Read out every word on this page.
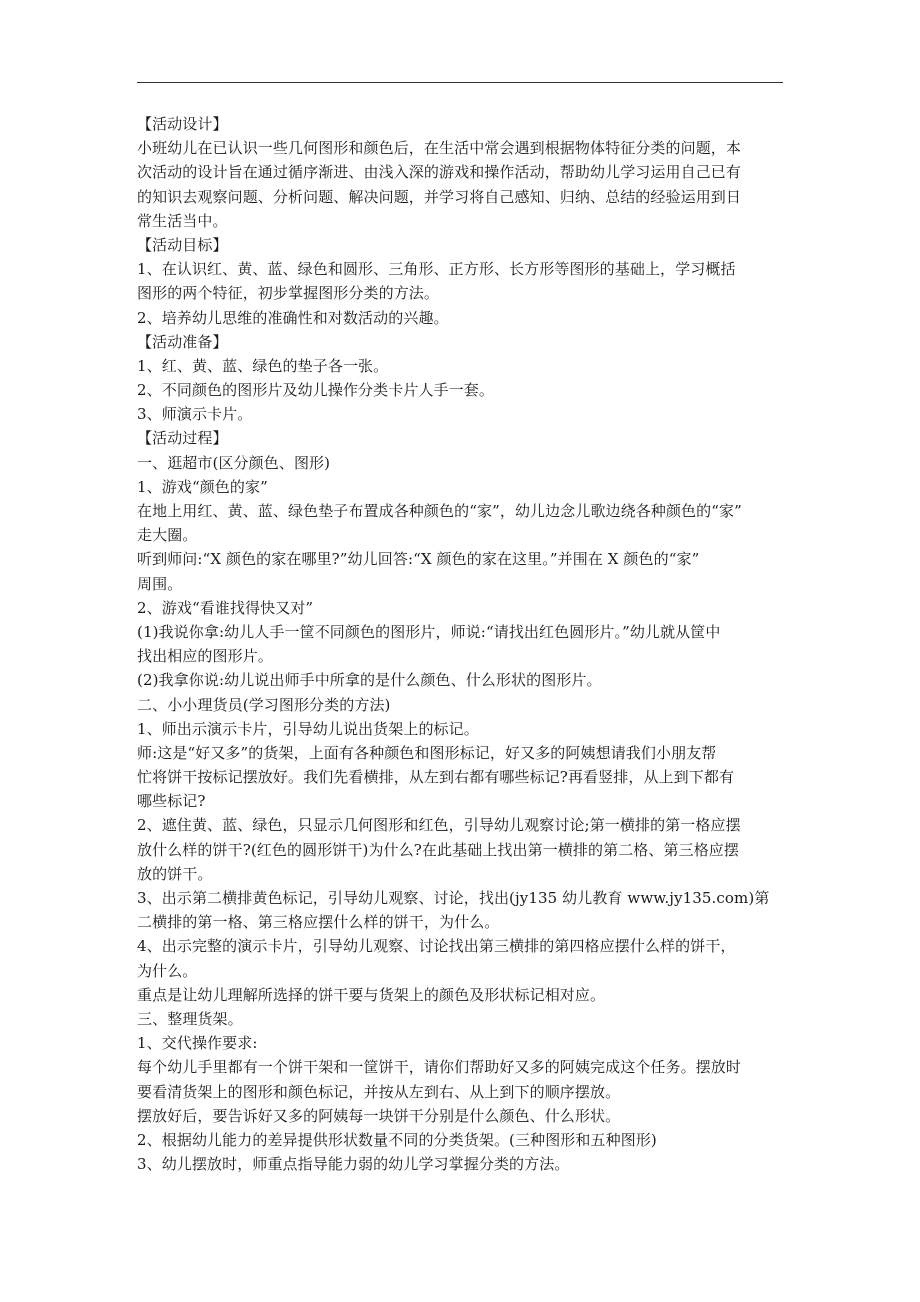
【活动设计】
小班幼儿在已认识一些几何图形和颜色后，在生活中常会遇到根据物体特征分类的问题，本
次活动的设计旨在通过循序渐进、由浅入深的游戏和操作活动，帮助幼儿学习运用自己已有
的知识去观察问题、分析问题、解决问题，并学习将自己感知、归纳、总结的经验运用到日
常生活当中。
【活动目标】
1、在认识红、黄、蓝、绿色和圆形、三角形、正方形、长方形等图形的基础上，学习概括
图形的两个特征，初步掌握图形分类的方法。
2、培养幼儿思维的准确性和对数活动的兴趣。
【活动准备】
1、红、黄、蓝、绿色的垫子各一张。
2、不同颜色的图形片及幼儿操作分类卡片人手一套。
3、师演示卡片。
【活动过程】
一、逛超市(区分颜色、图形)
1、游戏“颜色的家”
在地上用红、黄、蓝、绿色垫子布置成各种颜色的“家”，幼儿边念儿歌边绕各种颜色的“家”
走大圈。
听到师问:“X 颜色的家在哪里?”幼儿回答:“X 颜色的家在这里。”并围在 X 颜色的“家”
周围。
2、游戏“看谁找得快又对”
(1)我说你拿:幼儿人手一筐不同颜色的图形片，师说:“请找出红色圆形片。”幼儿就从筐中
找出相应的图形片。
(2)我拿你说:幼儿说出师手中所拿的是什么颜色、什么形状的图形片。
二、小小理货员(学习图形分类的方法)
1、师出示演示卡片，引导幼儿说出货架上的标记。
师:这是“好又多”的货架，上面有各种颜色和图形标记，好又多的阿姨想请我们小朋友帮
忙将饼干按标记摆放好。我们先看横排，从左到右都有哪些标记?再看竖排，从上到下都有
哪些标记?
2、遮住黄、蓝、绿色，只显示几何图形和红色，引导幼儿观察讨论;第一横排的第一格应摆
放什么样的饼干?(红色的圆形饼干)为什么?在此基础上找出第一横排的第二格、第三格应摆
放的饼干。
3、出示第二横排黄色标记，引导幼儿观察、讨论，找出(jy135 幼儿教育 www.jy135.com)第
二横排的第一格、第三格应摆什么样的饼干，为什么。
4、出示完整的演示卡片，引导幼儿观察、讨论找出第三横排的第四格应摆什么样的饼干，
为什么。
重点是让幼儿理解所选择的饼干要与货架上的颜色及形状标记相对应。
三、整理货架。
1、交代操作要求:
每个幼儿手里都有一个饼干架和一筐饼干，请你们帮助好又多的阿姨完成这个任务。摆放时
要看清货架上的图形和颜色标记，并按从左到右、从上到下的顺序摆放。
摆放好后，要告诉好又多的阿姨每一块饼干分别是什么颜色、什么形状。
2、根据幼儿能力的差异提供形状数量不同的分类货架。(三种图形和五种图形)
3、幼儿摆放时，师重点指导能力弱的幼儿学习掌握分类的方法。
